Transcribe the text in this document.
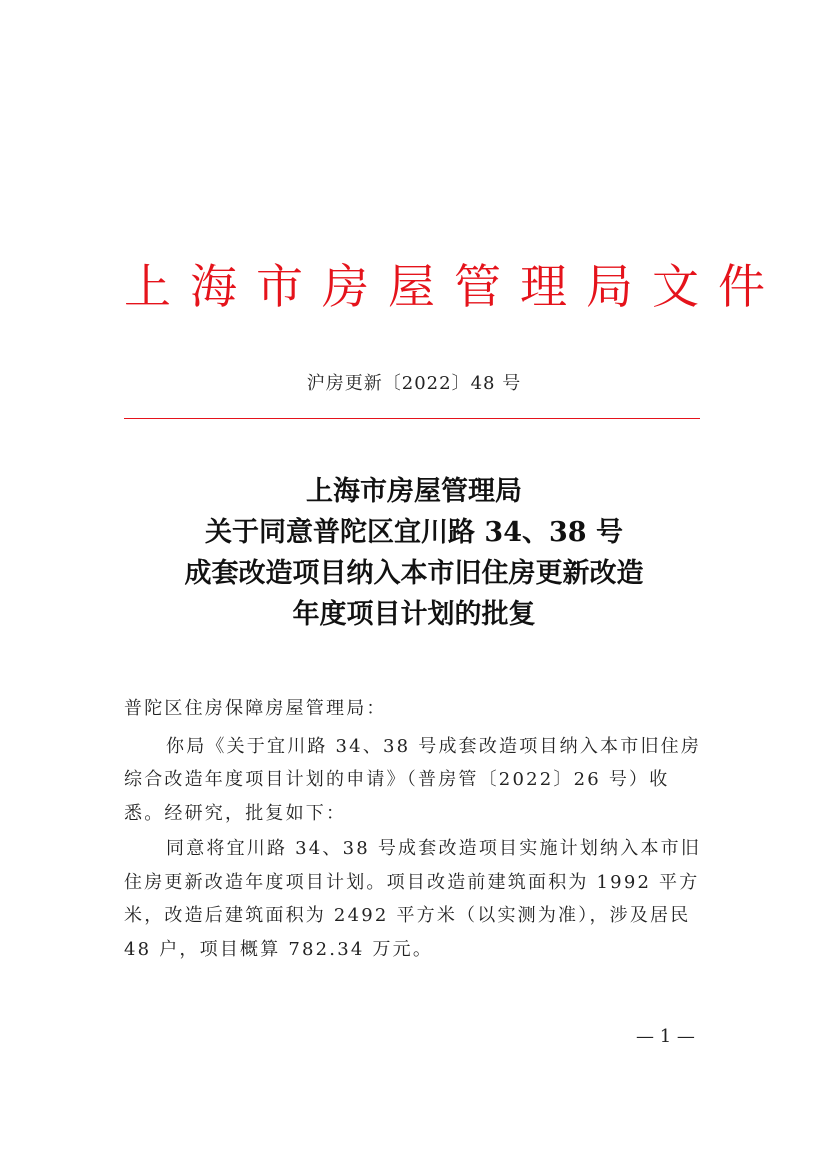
上海市房屋管理局文件
沪房更新〔2022〕48 号
上海市房屋管理局
关于同意普陀区宜川路 34、38 号
成套改造项目纳入本市旧住房更新改造
年度项目计划的批复

普陀区住房保障房屋管理局：

你局《关于宜川路 34、38 号成套改造项目纳入本市旧住房综合改造年度项目计划的申请》（普房管〔2022〕26 号）收悉。经研究，批复如下：

同意将宜川路 34、38 号成套改造项目实施计划纳入本市旧住房更新改造年度项目计划。项目改造前建筑面积为 1992 平方米，改造后建筑面积为 2492 平方米（以实测为准），涉及居民 48 户，项目概算 782.34 万元。

— 1 —
